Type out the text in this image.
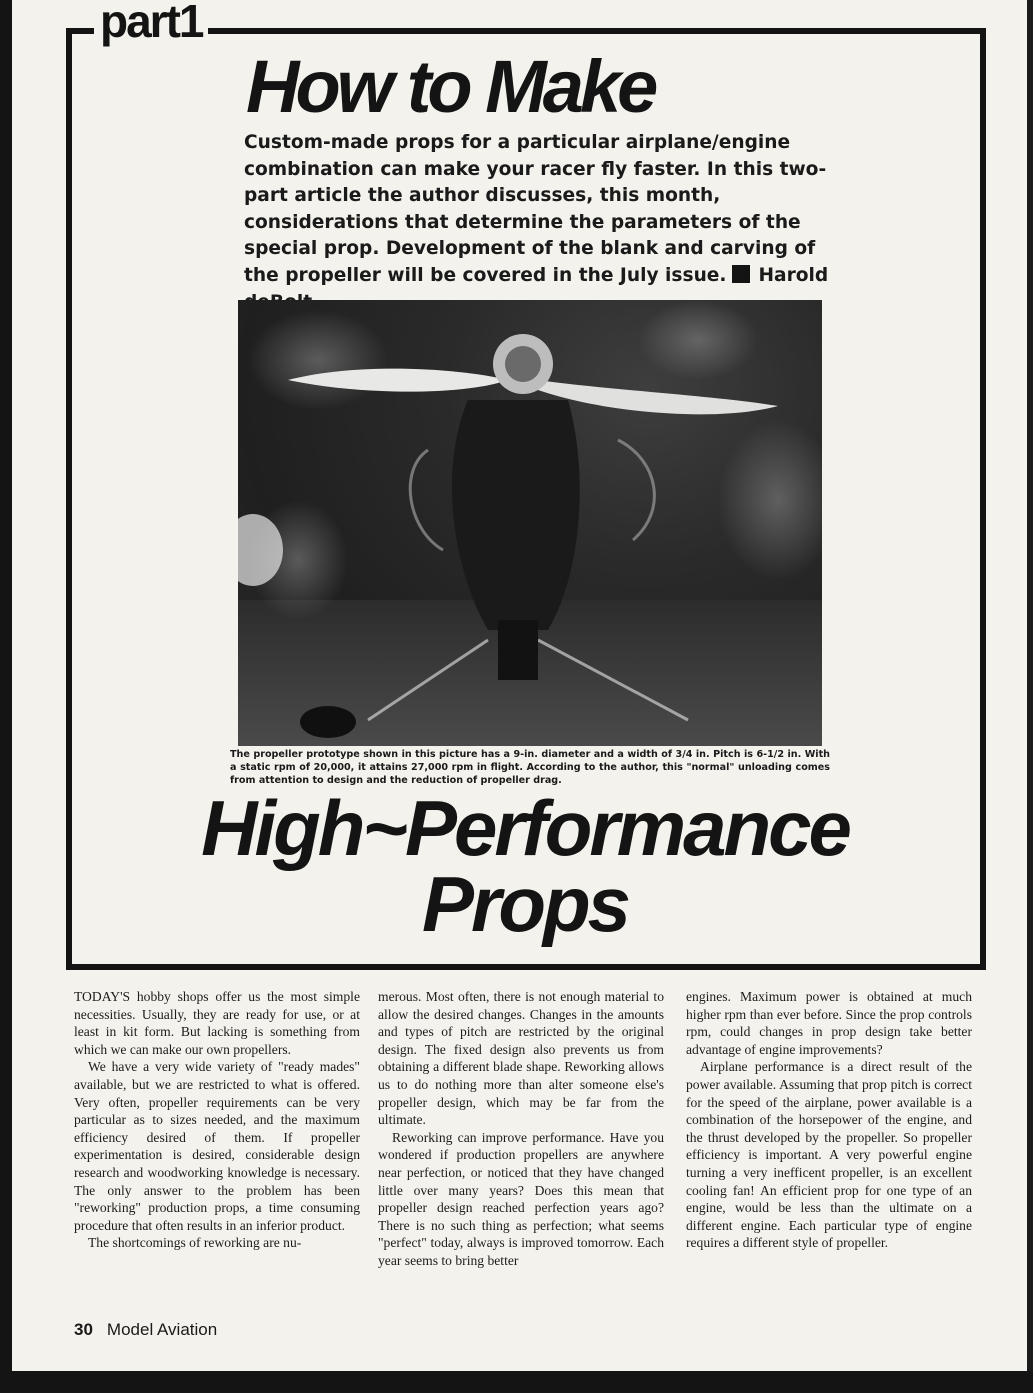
part1
How to Make
Custom-made props for a particular airplane/engine combination can make your racer fly faster. In this two-part article the author discusses, this month, considerations that determine the parameters of the special prop. Development of the blank and carving of the propeller will be covered in the July issue. Harold
The propeller prototype shown in this picture has a 9-in. diameter and a width of 3/4 in. Pitch is 6-1/2 in. With a static rpm of 20,000, it attains 27,000 rpm in flight. According to the author, this "normal" unloading comes from attention to design and the reduction of propeller drag.
High~Performance
Props

TODAY'S hobby shops offer us the most simple necessities. Usually, they are ready for use, or at least in kit form. But lacking is something from which we can make our own propellers.

We have a very wide variety of "ready mades" available, but we are restricted to what is offered. Very often, propeller requirements can be very particular as to sizes needed, and the maximum efficiency desired of them. If propeller experimentation is desired, considerable design research and woodworking knowledge is necessary. The only answer to the problem has been "reworking" production props, a time consuming procedure that often results in an inferior product.

The shortcomings of reworking are nu-

merous. Most often, there is not enough material to allow the desired changes. Changes in the amounts and types of pitch are restricted by the original design. The fixed design also prevents us from obtaining a different blade shape. Reworking allows us to do nothing more than alter someone else's propeller design, which may be far from the ultimate.

Reworking can improve performance. Have you wondered if production propellers are anywhere near perfection, or noticed that they have changed little over many years? Does this mean that propeller design reached perfection years ago? There is no such thing as perfection; what seems "perfect" today, always is improved tomorrow. Each year seems to bring better

engines. Maximum power is obtained at much higher rpm than ever before. Since the prop controls rpm, could changes in prop design take better advantage of engine improvements?

Airplane performance is a direct result of the power available. Assuming that prop pitch is correct for the speed of the airplane, power available is a combination of the horsepower of the engine, and the thrust developed by the propeller. So propeller efficiency is important. A very powerful engine turning a very inefficent propeller, is an excellent cooling fan! An efficient prop for one type of an engine, would be less than the ultimate on a different engine. Each particular type of engine requires a different style of propeller.

30 Model Aviation
